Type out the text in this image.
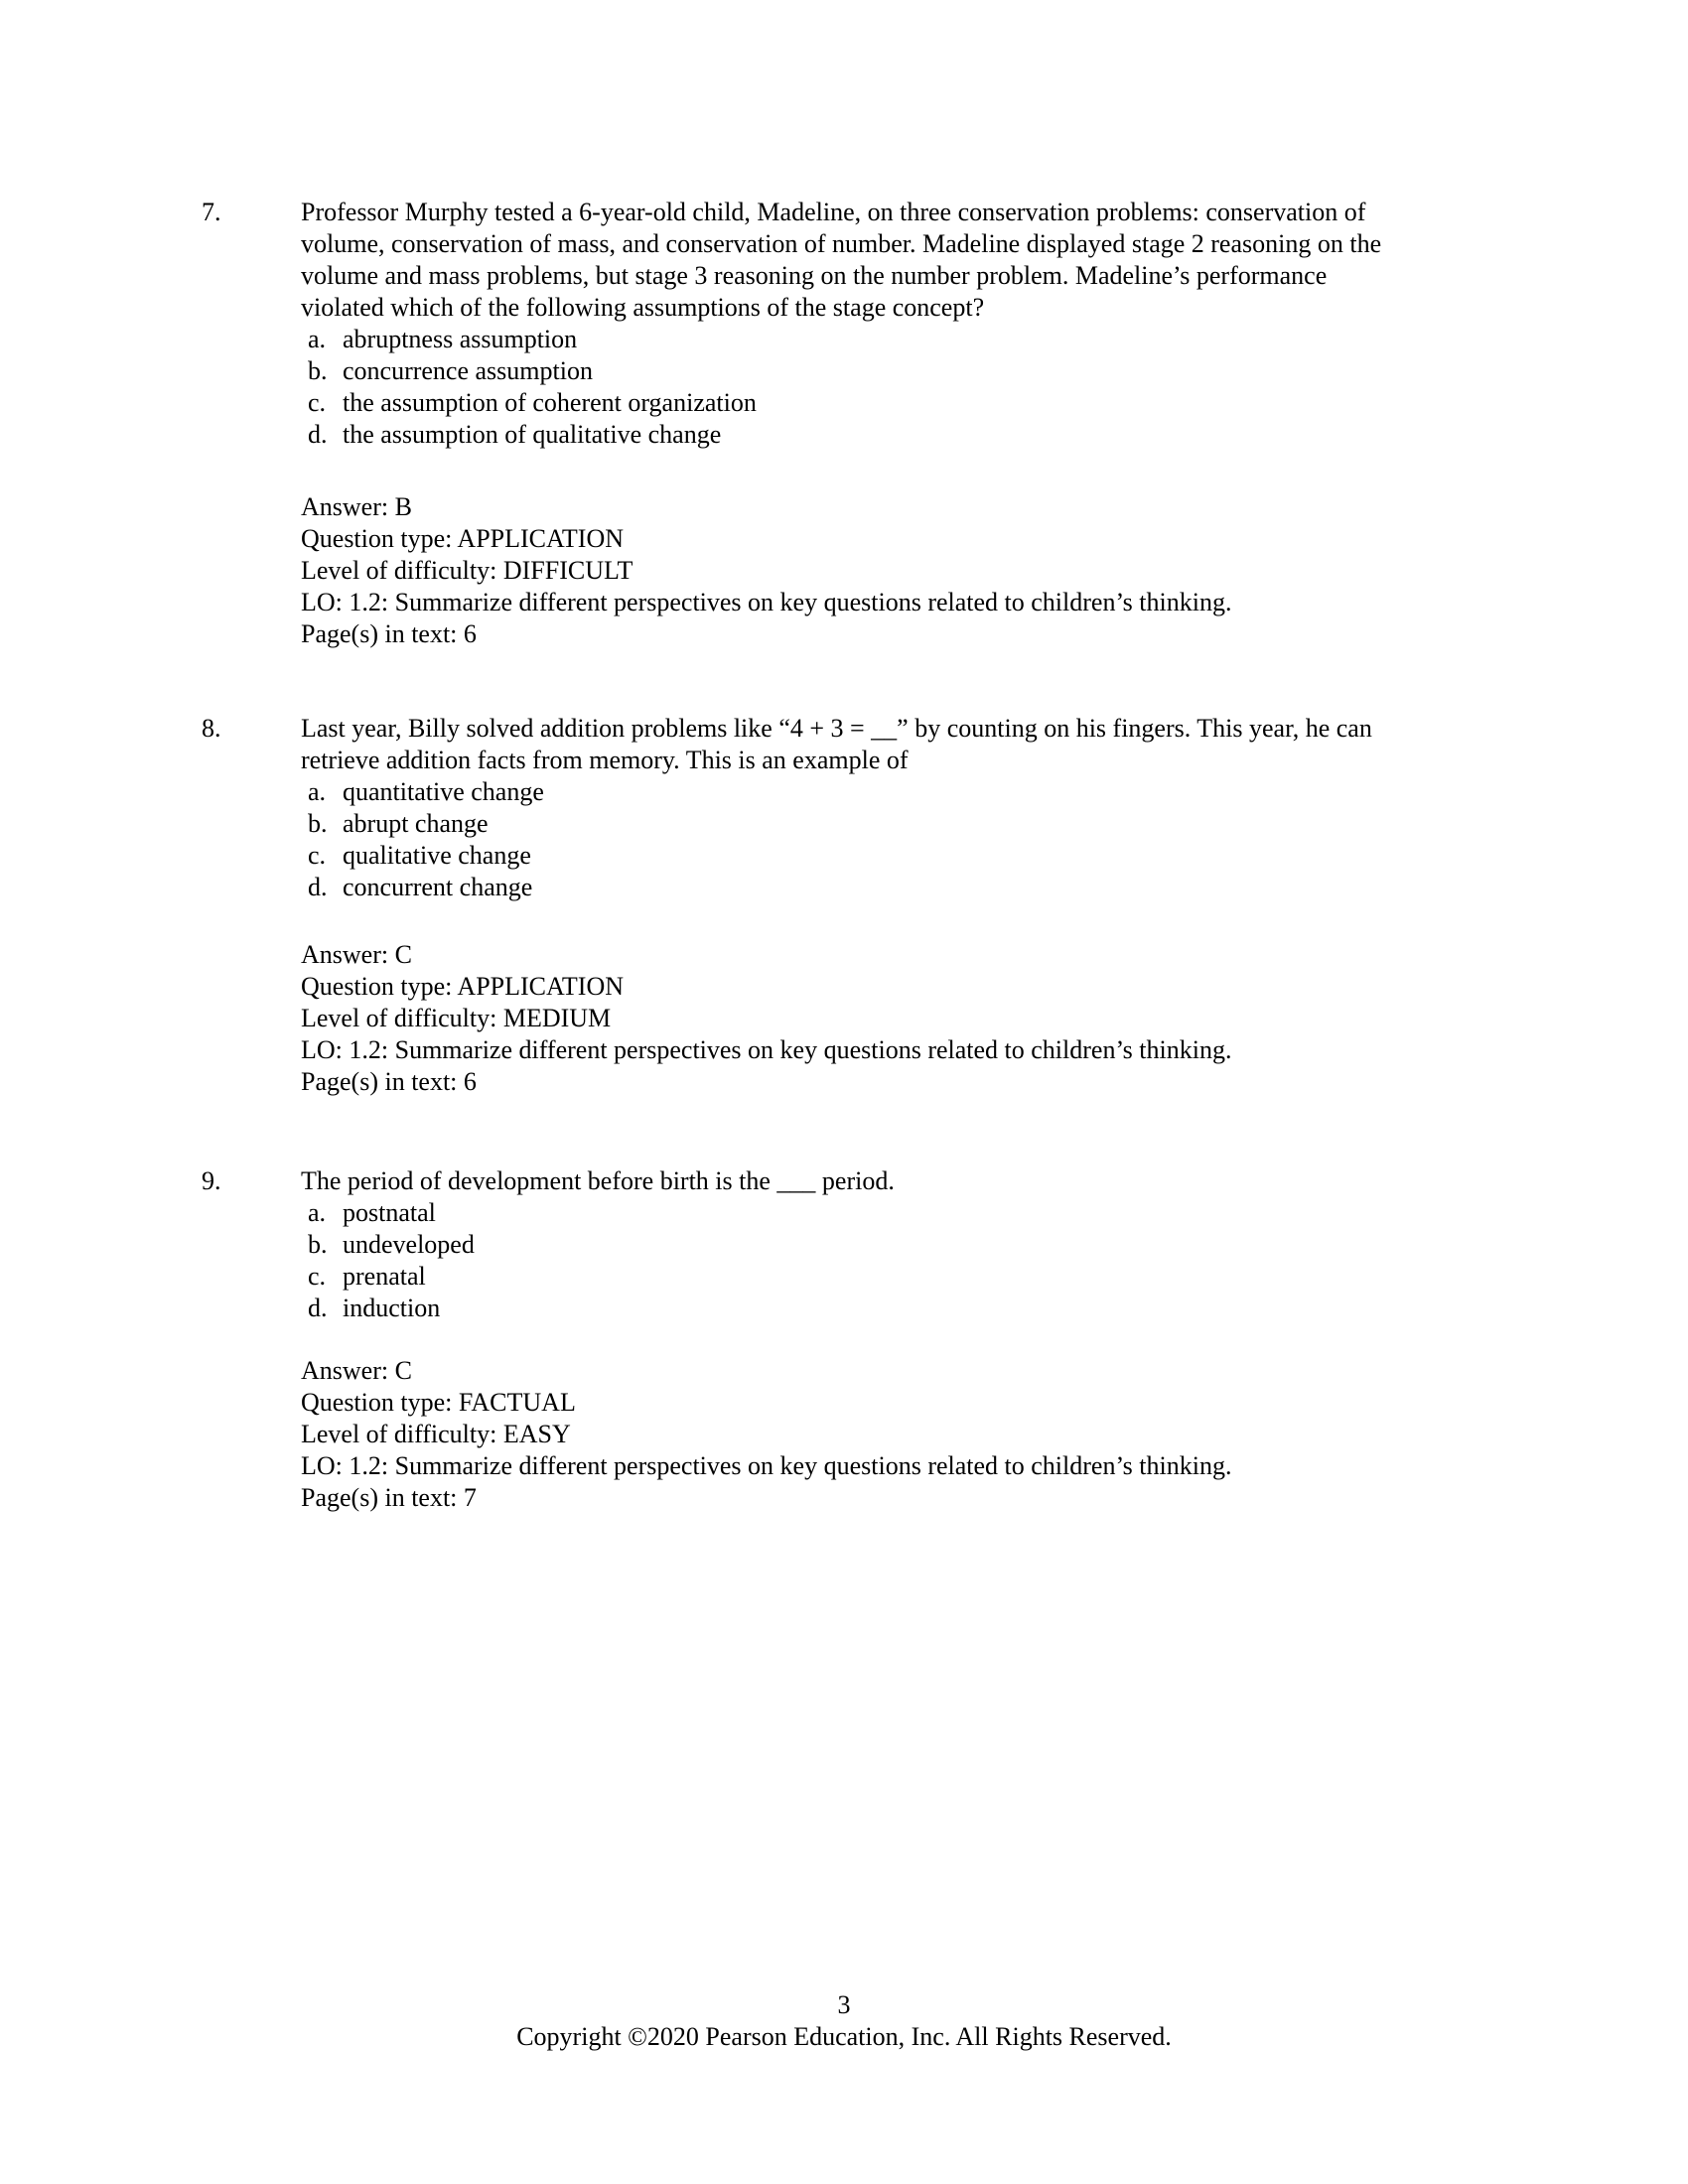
7.	Professor Murphy tested a 6-year-old child, Madeline, on three conservation problems: conservation of
volume, conservation of mass, and conservation of number. Madeline displayed stage 2 reasoning on the
volume and mass problems, but stage 3 reasoning on the number problem. Madeline’s performance
violated which of the following assumptions of the stage concept?
a. abruptness assumption
b. concurrence assumption
c. the assumption of coherent organization
d. the assumption of qualitative change
Answer: B
Question type: APPLICATION
Level of difficulty: DIFFICULT
LO: 1.2: Summarize different perspectives on key questions related to children’s thinking.
Page(s) in text: 6
8.	Last year, Billy solved addition problems like “4 + 3 = __” by counting on his fingers. This year, he can
retrieve addition facts from memory. This is an example of
a. quantitative change
b. abrupt change
c. qualitative change
d. concurrent change
Answer: C
Question type: APPLICATION
Level of difficulty: MEDIUM
LO: 1.2: Summarize different perspectives on key questions related to children’s thinking.
Page(s) in text: 6
9.	The period of development before birth is the ___ period.
a. postnatal
b. undeveloped
c. prenatal
d. induction
Answer: C
Question type: FACTUAL
Level of difficulty: EASY
LO: 1.2: Summarize different perspectives on key questions related to children’s thinking.
Page(s) in text: 7
3
Copyright ©2020 Pearson Education, Inc. All Rights Reserved.
